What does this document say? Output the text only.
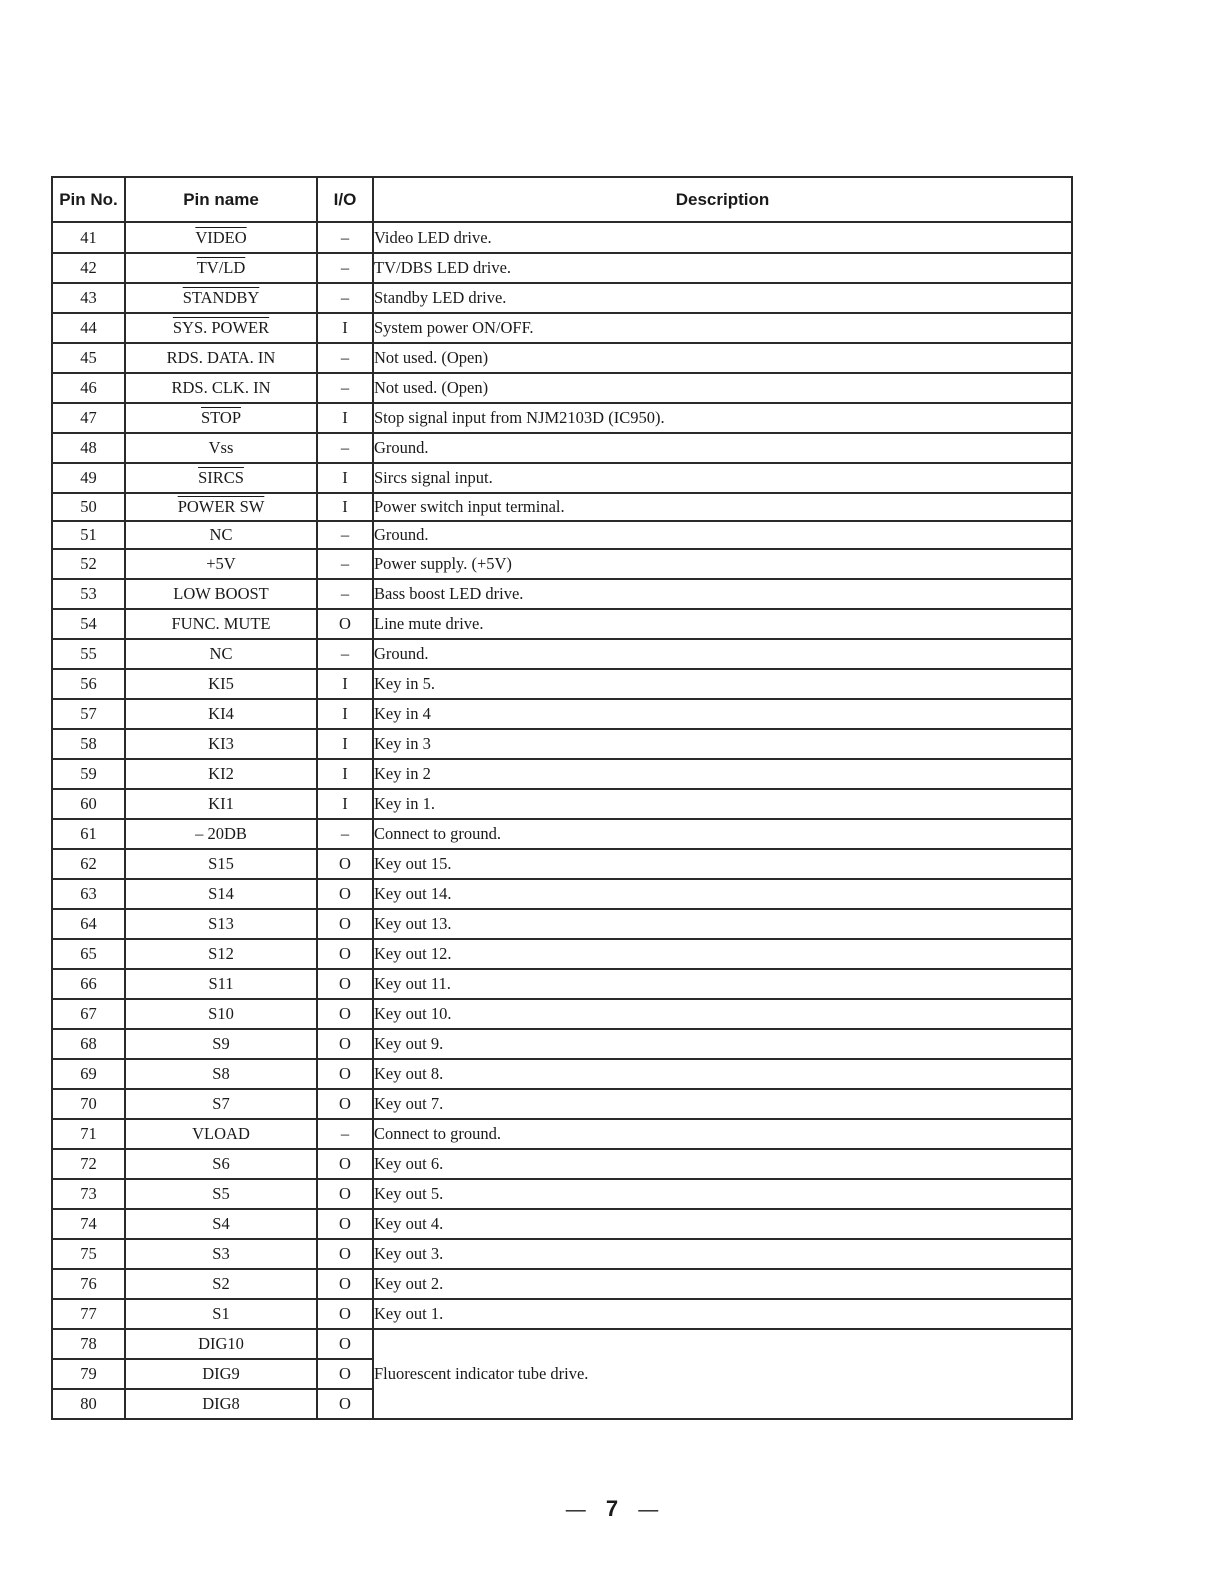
Pin No.	Pin name	I/O	Description
41	VIDEO	–	Video LED drive.
42	TV/LD	–	TV/DBS LED drive.
43	STANDBY	–	Standby LED drive.
44	SYS. POWER	I	System power ON/OFF.
45	RDS. DATA. IN	–	Not used. (Open)
46	RDS. CLK. IN	–	Not used. (Open)
47	STOP	I	Stop signal input from NJM2103D (IC950).
48	Vss	–	Ground.
49	SIRCS	I	Sircs signal input.
50	POWER SW	I	Power switch input terminal.
51	NC	–	Ground.
52	+5V	–	Power supply. (+5V)
53	LOW BOOST	–	Bass boost LED drive.
54	FUNC. MUTE	O	Line mute drive.
55	NC	–	Ground.
56	KI5	I	Key in 5.
57	KI4	I	Key in 4
58	KI3	I	Key in 3
59	KI2	I	Key in 2
60	KI1	I	Key in 1.
61	– 20DB	–	Connect to ground.
62	S15	O	Key out 15.
63	S14	O	Key out 14.
64	S13	O	Key out 13.
65	S12	O	Key out 12.
66	S11	O	Key out 11.
67	S10	O	Key out 10.
68	S9	O	Key out 9.
69	S8	O	Key out 8.
70	S7	O	Key out 7.
71	VLOAD	–	Connect to ground.
72	S6	O	Key out 6.
73	S5	O	Key out 5.
74	S4	O	Key out 4.
75	S3	O	Key out 3.
76	S2	O	Key out 2.
77	S1	O	Key out 1.
78	DIG10	O	Fluorescent indicator tube drive.
79	DIG9	O	
80	DIG8	O	
— 7 —
